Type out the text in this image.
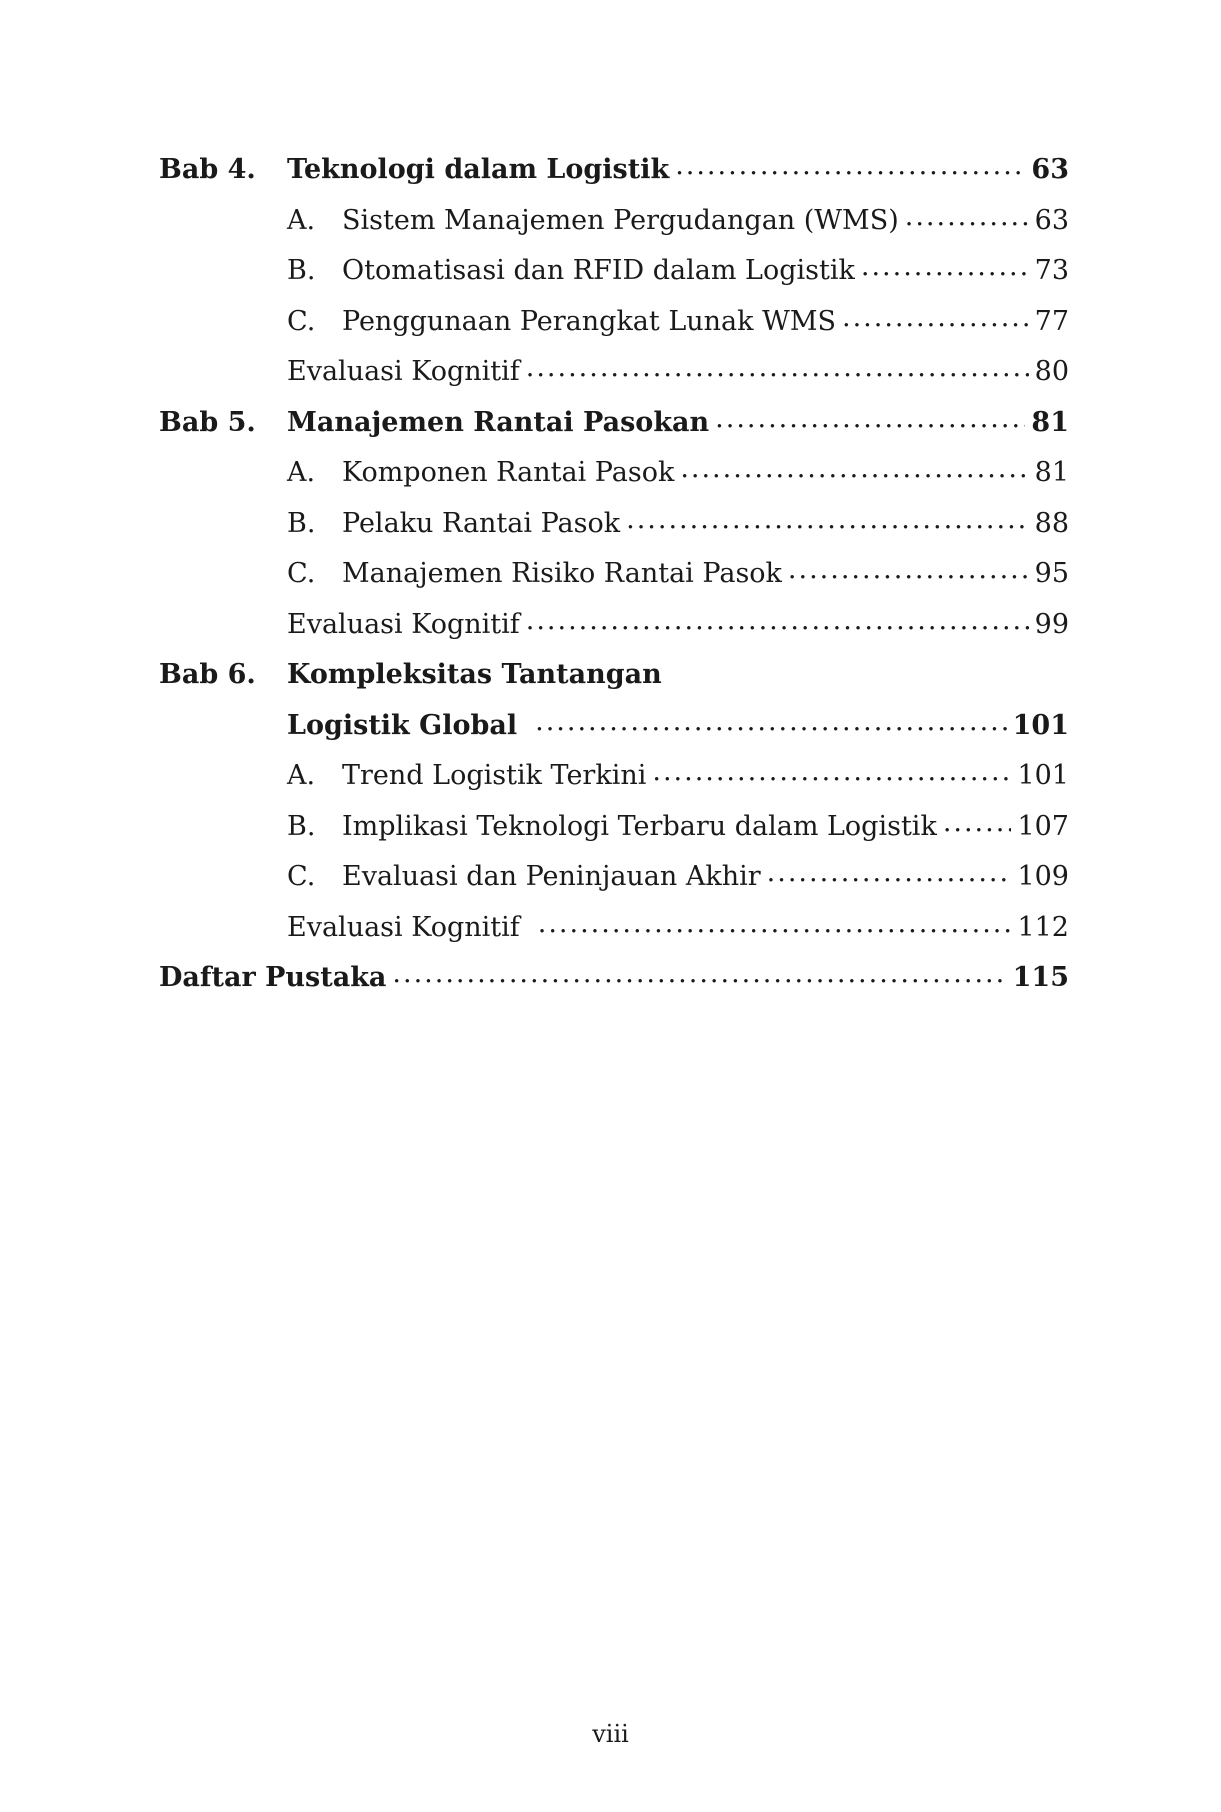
Bab 4.	Teknologi dalam Logistik .....	63
A. Sistem Manajemen Pergudangan (WMS) .....	63
B. Otomatisasi dan RFID dalam Logistik .....	73
C. Penggunaan Perangkat Lunak WMS .....	77
Evaluasi Kognitif .....	80
Bab 5.	Manajemen Rantai Pasokan .....	81
A. Komponen Rantai Pasok .....	81
B. Pelaku Rantai Pasok .....	88
C. Manajemen Risiko Rantai Pasok .....	95
Evaluasi Kognitif .....	99
Bab 6.	Kompleksitas Tantangan
Logistik Global .....	101
A. Trend Logistik Terkini .....	101
B. Implikasi Teknologi Terbaru dalam Logistik .....	107
C. Evaluasi dan Peninjauan Akhir .....	109
Evaluasi Kognitif .....	112
Daftar Pustaka .....	115
viii
